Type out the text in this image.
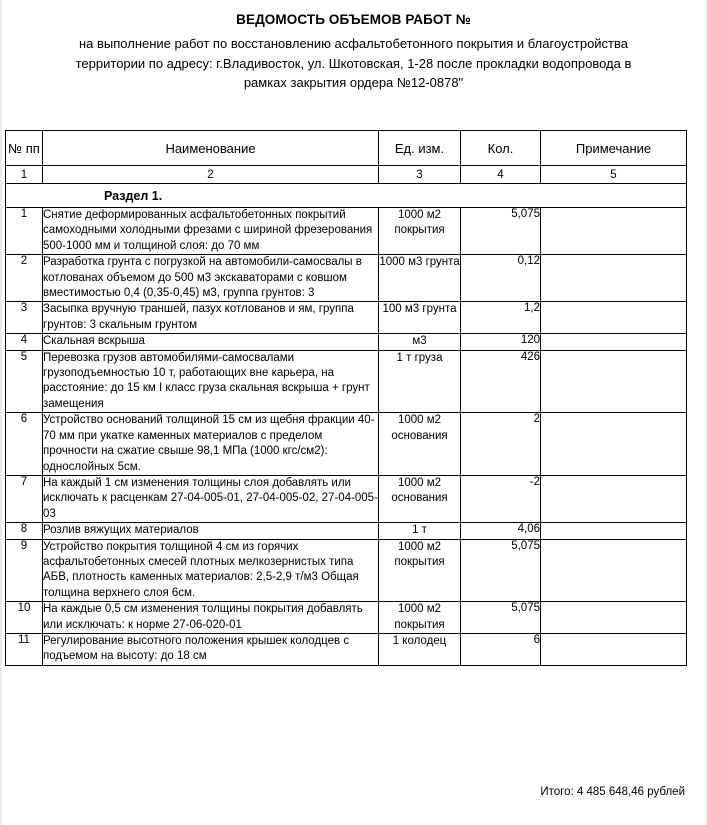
ВЕДОМОСТЬ ОБЪЕМОВ РАБОТ №
на выполнение работ по восстановлению асфальтобетонного покрытия и благоустройства
территории по адресу: г.Владивосток, ул. Шкотовская, 1-28 после прокладки водопровода в
рамках закрытия ордера №12-0878"
№ пп	Наименование	Ед. изм.	Кол.	Примечание
1	2	3	4	5
Раздел 1.				
1	Снятие деформированных асфальтобетонных покрытий самоходными холодными фрезами с шириной фрезерования 500-1000 мм и толщиной слоя: до 70 мм	1000 м2 покрытия	5,075	
2	Разработка грунта с погрузкой на автомобили-самосвалы в котлованах объемом до 500 м3 экскаваторами с ковшом вместимостью 0,4 (0,35-0,45) м3, группа грунтов: 3	1000 м3 грунта	0,12	
3	Засыпка вручную траншей, пазух котлованов и ям, группа грунтов: 3 скальным грунтом	100 м3 грунта	1,2	
4	Скальная вскрыша	м3	120	
5	Перевозка грузов автомобилями-самосвалами грузоподъемностью 10 т, работающих вне карьера, на расстояние: до 15 км I класс груза скальная вскрыша + грунт замещения	1 т груза	426	
6	Устройство оснований толщиной 15 см из щебня фракции 40-70 мм при укатке каменных материалов с пределом прочности на сжатие свыше 98,1 МПа (1000 кгс/см2): однослойных 5см.	1000 м2 основания	2	
7	На каждый 1 см изменения толщины слоя добавлять или исключать к расценкам 27-04-005-01, 27-04-005-02, 27-04-005-03	1000 м2 основания	-2	
8	Розлив вяжущих материалов	1 т	4,06	
9	Устройство покрытия толщиной 4 см из горячих асфальтобетонных смесей плотных мелкозернистых типа АБВ, плотность каменных материалов: 2,5-2,9 т/м3 Общая толщина верхнего слоя 6см.	1000 м2 покрытия	5,075	
10	На каждые 0,5 см изменения толщины покрытия добавлять или исключать: к норме 27-06-020-01	1000 м2 покрытия	5,075	
11	Регулирование высотного положения крышек колодцев с подъемом на высоту: до 18 см	1 колодец	6	
Итого: 4 485 648,46 рублей
